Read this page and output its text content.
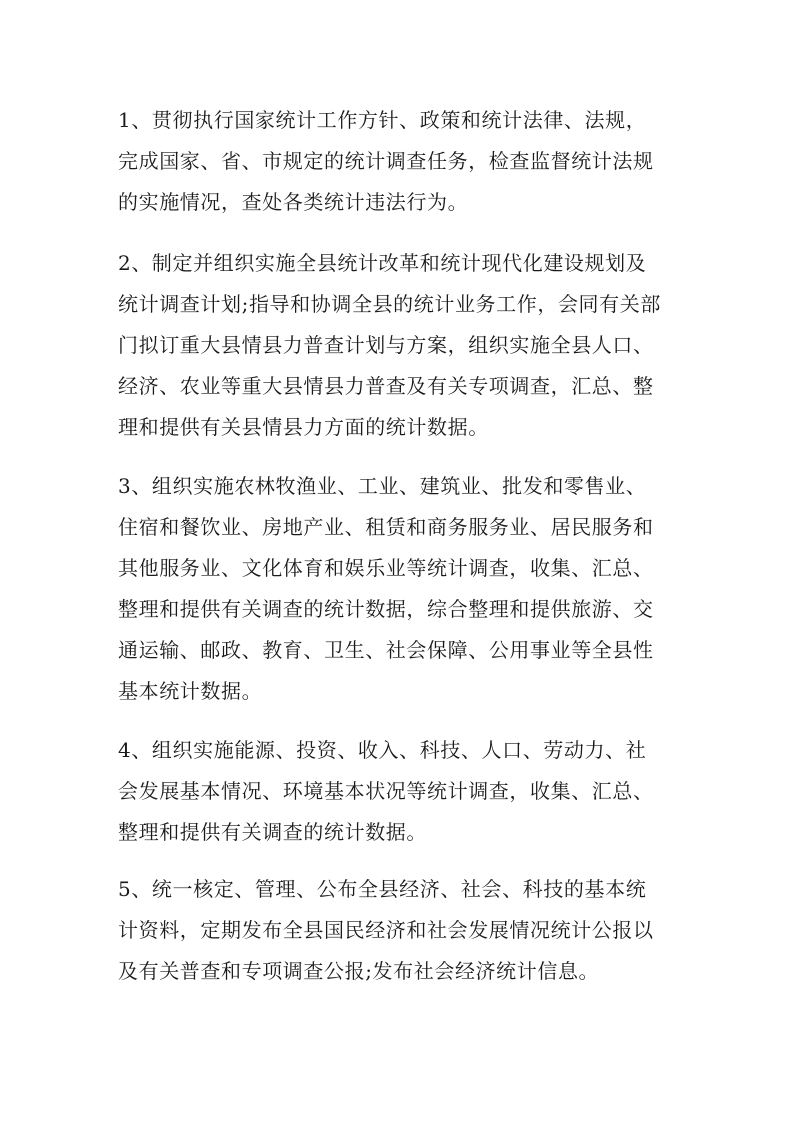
1、贯彻执行国家统计工作方针、政策和统计法律、法规，
完成国家、省、市规定的统计调查任务，检查监督统计法规
的实施情况，查处各类统计违法行为。
2、制定并组织实施全县统计改革和统计现代化建设规划及
统计调查计划;指导和协调全县的统计业务工作，会同有关部
门拟订重大县情县力普查计划与方案，组织实施全县人口、
经济、农业等重大县情县力普查及有关专项调查，汇总、整
理和提供有关县情县力方面的统计数据。
3、组织实施农林牧渔业、工业、建筑业、批发和零售业、
住宿和餐饮业、房地产业、租赁和商务服务业、居民服务和
其他服务业、文化体育和娱乐业等统计调查，收集、汇总、
整理和提供有关调查的统计数据，综合整理和提供旅游、交
通运输、邮政、教育、卫生、社会保障、公用事业等全县性
基本统计数据。
4、组织实施能源、投资、收入、科技、人口、劳动力、社
会发展基本情况、环境基本状况等统计调查，收集、汇总、
整理和提供有关调查的统计数据。
5、统一核定、管理、公布全县经济、社会、科技的基本统
计资料，定期发布全县国民经济和社会发展情况统计公报以
及有关普查和专项调查公报;发布社会经济统计信息。
